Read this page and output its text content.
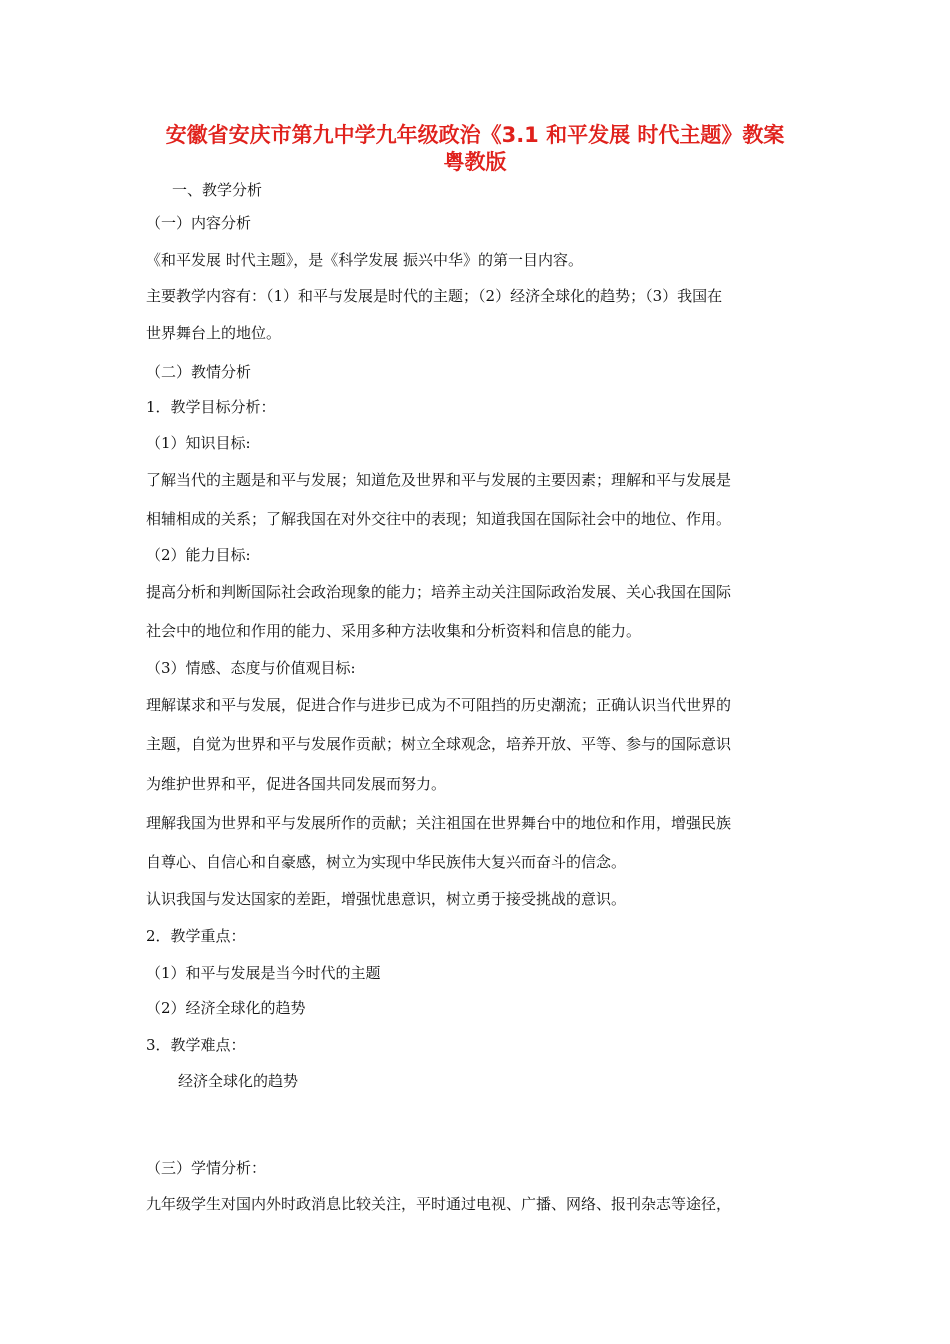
安徽省安庆市第九中学九年级政治《3.1 和平发展 时代主题》教案
粤教版
一、教学分析
（一）内容分析
《和平发展 时代主题》，是《科学发展 振兴中华》的第一目内容。
主要教学内容有：（1）和平与发展是时代的主题；（2）经济全球化的趋势；（3）我国在
世界舞台上的地位。
（二）教情分析
1．教学目标分析：
（1）知识目标:
了解当代的主题是和平与发展；知道危及世界和平与发展的主要因素；理解和平与发展是
相辅相成的关系；了解我国在对外交往中的表现；知道我国在国际社会中的地位、作用。
（2）能力目标:
提高分析和判断国际社会政治现象的能力；培养主动关注国际政治发展、关心我国在国际
社会中的地位和作用的能力、采用多种方法收集和分析资料和信息的能力。
（3）情感、态度与价值观目标:
理解谋求和平与发展，促进合作与进步已成为不可阻挡的历史潮流；正确认识当代世界的
主题，自觉为世界和平与发展作贡献；树立全球观念，培养开放、平等、参与的国际意识
为维护世界和平，促进各国共同发展而努力。
理解我国为世界和平与发展所作的贡献；关注祖国在世界舞台中的地位和作用，增强民族
自尊心、自信心和自豪感，树立为实现中华民族伟大复兴而奋斗的信念。
认识我国与发达国家的差距，增强忧患意识，树立勇于接受挑战的意识。
2．教学重点：
（1）和平与发展是当今时代的主题
（2）经济全球化的趋势
3．教学难点：
经济全球化的趋势
（三）学情分析：
九年级学生对国内外时政消息比较关注，平时通过电视、广播、网络、报刊杂志等途径，
